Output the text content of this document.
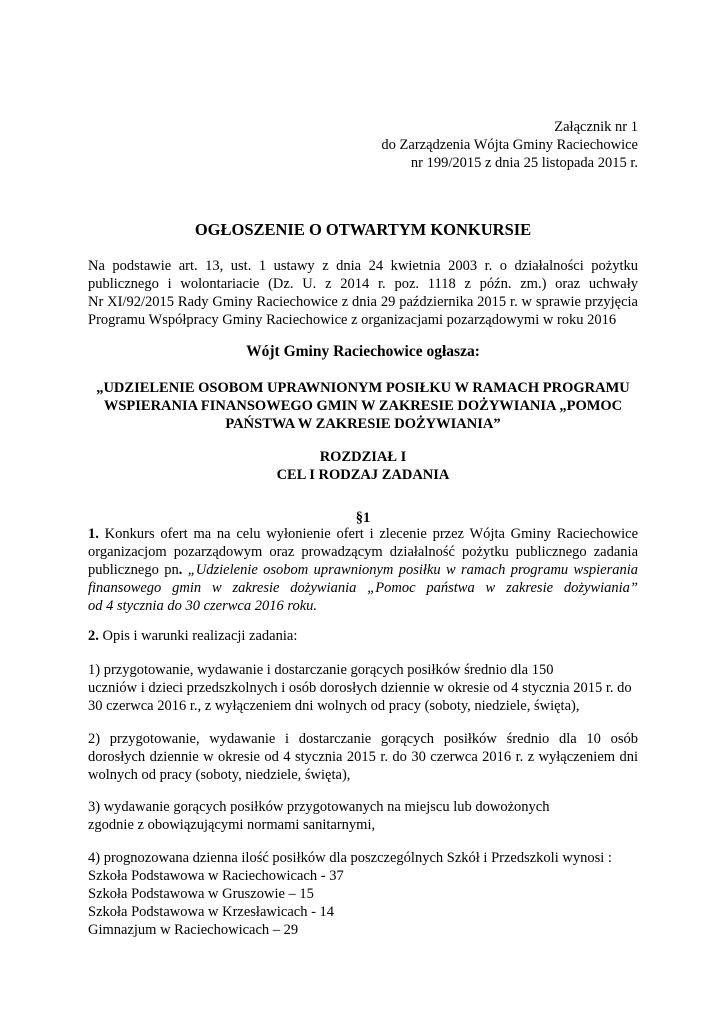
Załącznik nr 1
do Zarządzenia Wójta Gminy Raciechowice
nr 199/2015 z dnia 25 listopada 2015 r.
OGŁOSZENIE O OTWARTYM KONKURSIE
Na podstawie art. 13, ust. 1 ustawy z dnia 24 kwietnia 2003 r. o działalności pożytku
publicznego i wolontariacie (Dz. U. z 2014 r. poz. 1118 z późn. zm.) oraz uchwały
Nr XI/92/2015 Rady Gminy Raciechowice z dnia 29 października 2015 r. w sprawie przyjęcia
Programu Współpracy Gminy Raciechowice z organizacjami pozarządowymi w roku 2016
Wójt Gminy Raciechowice ogłasza:
„UDZIELENIE OSOBOM UPRAWNIONYM POSIŁKU W RAMACH PROGRAMU
WSPIERANIA FINANSOWEGO GMIN W ZAKRESIE DOŻYWIANIA „POMOC
PAŃSTWA W ZAKRESIE DOŻYWIANIA”
ROZDZIAŁ I
CEL I RODZAJ ZADANIA
§1
1. Konkurs ofert ma na celu wyłonienie ofert i zlecenie przez Wójta Gminy Raciechowice
organizacjom pozarządowym oraz prowadzącym działalność pożytku publicznego zadania
publicznego pn. „Udzielenie osobom uprawnionym posiłku w ramach programu wspierania
finansowego gmin w zakresie dożywiania „Pomoc państwa w zakresie dożywiania”
od 4 stycznia do 30 czerwca 2016 roku.
2. Opis i warunki realizacji zadania:
1) przygotowanie, wydawanie i dostarczanie gorących posiłków średnio dla 150
uczniów i dzieci przedszkolnych i osób dorosłych dziennie w okresie od 4 stycznia 2015 r. do
30 czerwca 2016 r., z wyłączeniem dni wolnych od pracy (soboty, niedziele, święta),
2) przygotowanie, wydawanie i dostarczanie gorących posiłków średnio dla 10 osób
dorosłych dziennie w okresie od 4 stycznia 2015 r. do 30 czerwca 2016 r. z wyłączeniem dni
wolnych od pracy (soboty, niedziele, święta),
3) wydawanie gorących posiłków przygotowanych na miejscu lub dowożonych
zgodnie z obowiązującymi normami sanitarnymi,
4) prognozowana dzienna ilość posiłków dla poszczególnych Szkół i Przedszkoli wynosi :
Szkoła Podstawowa w Raciechowicach - 37
Szkoła Podstawowa w Gruszowie – 15
Szkoła Podstawowa w Krzesławicach - 14
Gimnazjum w Raciechowicach – 29
